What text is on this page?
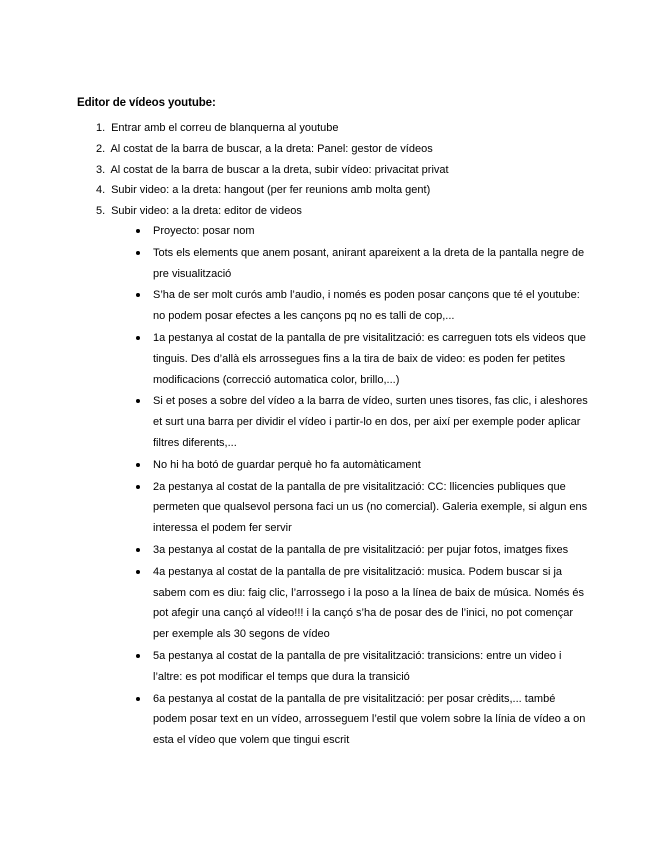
Editor de vídeos youtube:
1. Entrar amb el correu de blanquerna al youtube
2. Al costat de la barra de buscar, a la dreta: Panel: gestor de vídeos
3. Al costat de la barra de buscar a la dreta, subir vídeo: privacitat privat
4. Subir video: a la dreta: hangout (per fer reunions amb molta gent)
5. Subir video: a la dreta: editor de videos
Proyecto: posar nom
Tots els elements que anem posant, anirant apareixent a la dreta de la pantalla negre de pre visualització
S’ha de ser molt curós amb l’audio, i només es poden posar cançons que té el youtube: no podem posar efectes a les cançons pq no es talli de cop,...
1a pestanya al costat de la pantalla de pre visitalització: es carreguen tots els videos que tinguis. Des d’allà els arrossegues fins a la tira de baix de video: es poden fer petites modificacions (correcció automatica color, brillo,...)
Si et poses a sobre del vídeo a la barra de vídeo, surten unes tisores, fas clic, i aleshores et surt una barra per dividir el vídeo i partir-lo en dos, per així per exemple poder aplicar filtres diferents,...
No hi ha botó de guardar perquè ho fa automàticament
2a pestanya al costat de la pantalla de pre visitalització: CC: llicencies publiques que permeten que qualsevol persona faci un us (no comercial). Galeria exemple, si algun ens interessa el podem fer servir
3a pestanya al costat de la pantalla de pre visitalització: per pujar fotos, imatges fixes
4a pestanya al costat de la pantalla de pre visitalització: musica. Podem buscar si ja sabem com es diu: faig clic, l’arrossego i la poso a la línea de baix de música. Només és pot afegir una cançó al vídeo!!! i la cançó s’ha de posar des de l’inici, no pot començar per exemple als 30 segons de vídeo
5a pestanya al costat de la pantalla de pre visitalització: transicions: entre un video i l’altre: es pot modificar el temps que dura la transició
6a pestanya al costat de la pantalla de pre visitalització: per posar crèdits,... també podem posar text en un vídeo, arrosseguem l’estil que volem sobre la línia de vídeo a on esta el vídeo que volem que tingui escrit
